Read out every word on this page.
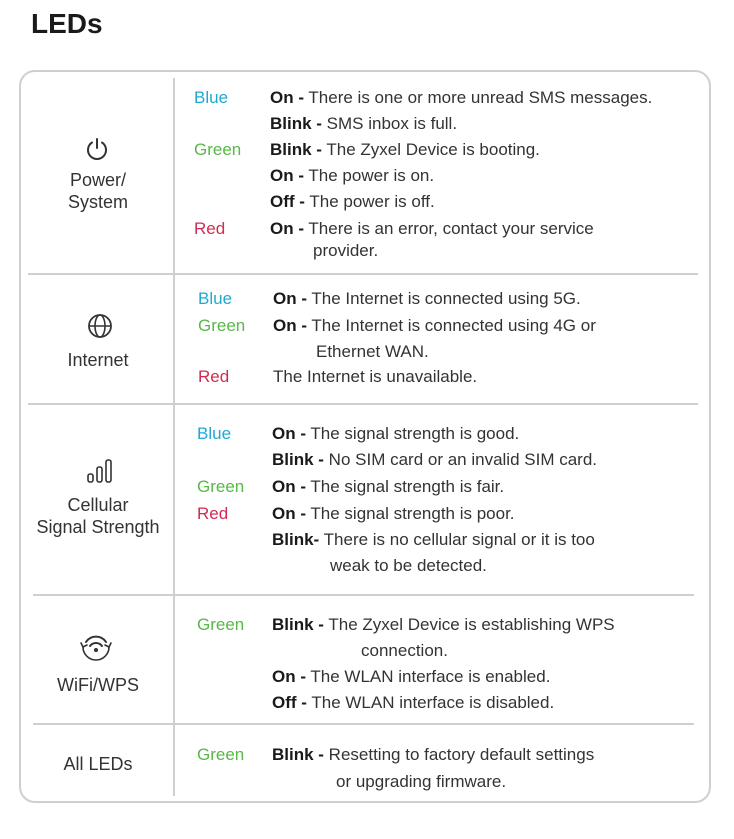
LEDs
Power/
System
Blue
Green
Red
On - There is one or more unread SMS messages.
Blink - SMS inbox is full.
Blink - The Zyxel Device is booting.
On - The power is on.
Off - The power is off.
On - There is an error, contact your service
provider.
Internet
Blue
Green
Red
On - The Internet is connected using 5G.
On - The Internet is connected using 4G or
Ethernet WAN.
The Internet is unavailable.
Cellular
Signal Strength
Blue
Green
Red
On - The signal strength is good.
Blink - No SIM card or an invalid SIM card.
On - The signal strength is fair.
On - The signal strength is poor.
Blink- There is no cellular signal or it is too
weak to be detected.
WiFi/WPS
Green Blink - The Zyxel Device is establishing WPS
connection.
On - The WLAN interface is enabled.
Off - The WLAN interface is disabled.
All LEDs	Green Blink - Resetting to factory default settings
or upgrading firmware.
